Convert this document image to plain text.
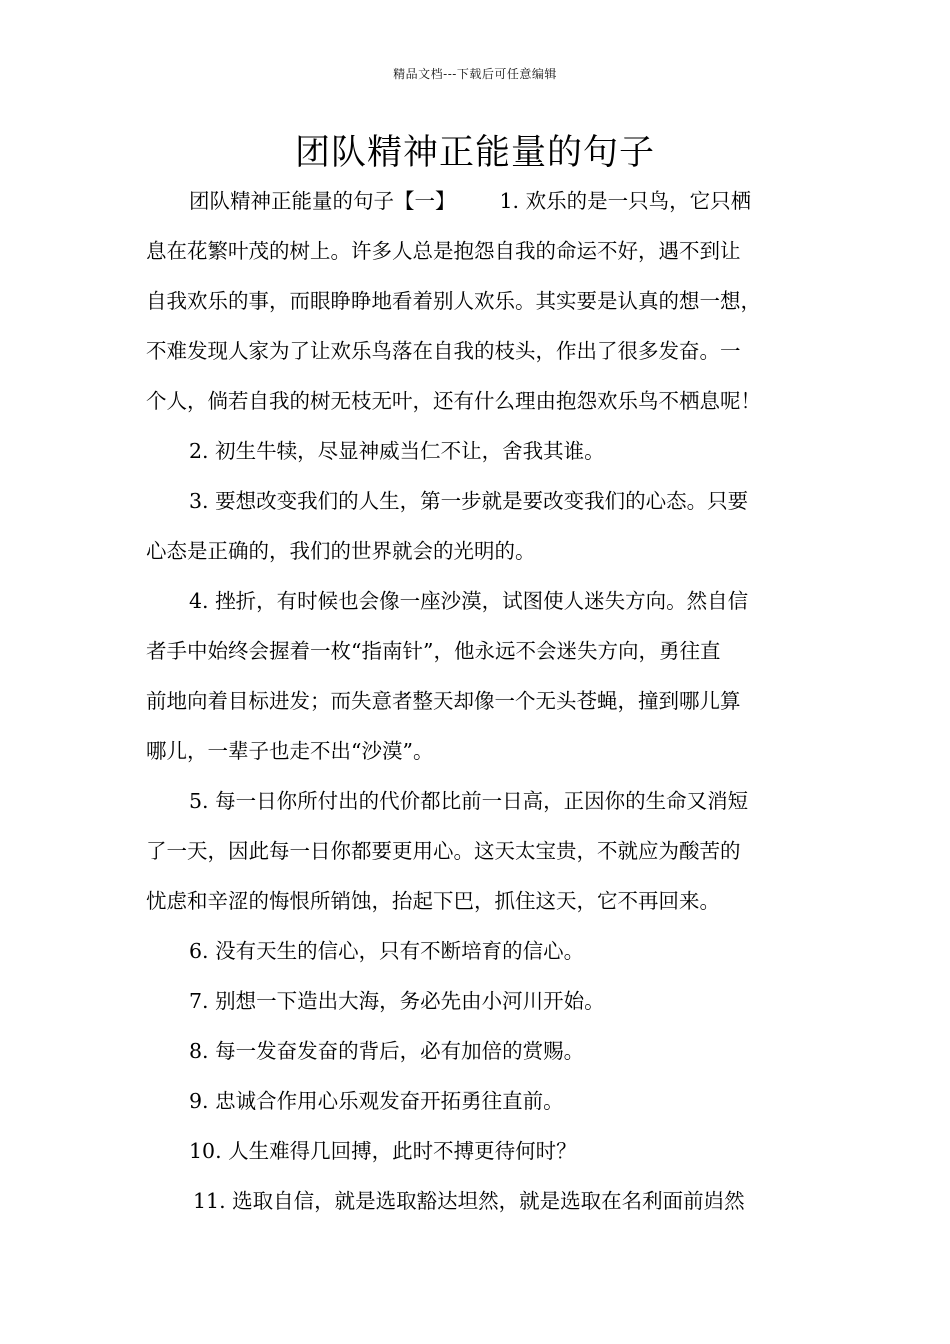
精品文档---下载后可任意编辑
团队精神正能量的句子
团队精神正能量的句子【一】 1. 欢乐的是一只鸟，它只栖
息在花繁叶茂的树上。许多人总是抱怨自我的命运不好，遇不到让
自我欢乐的事，而眼睁睁地看着别人欢乐。其实要是认真的想一想，
不难发现人家为了让欢乐鸟落在自我的枝头，作出了很多发奋。一
个人，倘若自我的树无枝无叶，还有什么理由抱怨欢乐鸟不栖息呢！
2. 初生牛犊，尽显神威当仁不让，舍我其谁。
3. 要想改变我们的人生，第一步就是要改变我们的心态。只要
心态是正确的，我们的世界就会的光明的。
4. 挫折，有时候也会像一座沙漠，试图使人迷失方向。然自信
者手中始终会握着一枚“指南针”，他永远不会迷失方向，勇往直
前地向着目标进发；而失意者整天却像一个无头苍蝇，撞到哪儿算
哪儿，一辈子也走不出“沙漠”。
5. 每一日你所付出的代价都比前一日高，正因你的生命又消短
了一天，因此每一日你都要更用心。这天太宝贵，不就应为酸苦的
忧虑和辛涩的悔恨所销蚀，抬起下巴，抓住这天，它不再回来。
6. 没有天生的信心，只有不断培育的信心。
7. 别想一下造出大海，务必先由小河川开始。
8. 每一发奋发奋的背后，必有加倍的赏赐。
9. 忠诚合作用心乐观发奋开拓勇往直前。
10. 人生难得几回搏，此时不搏更待何时？
11. 选取自信，就是选取豁达坦然，就是选取在名利面前岿然
